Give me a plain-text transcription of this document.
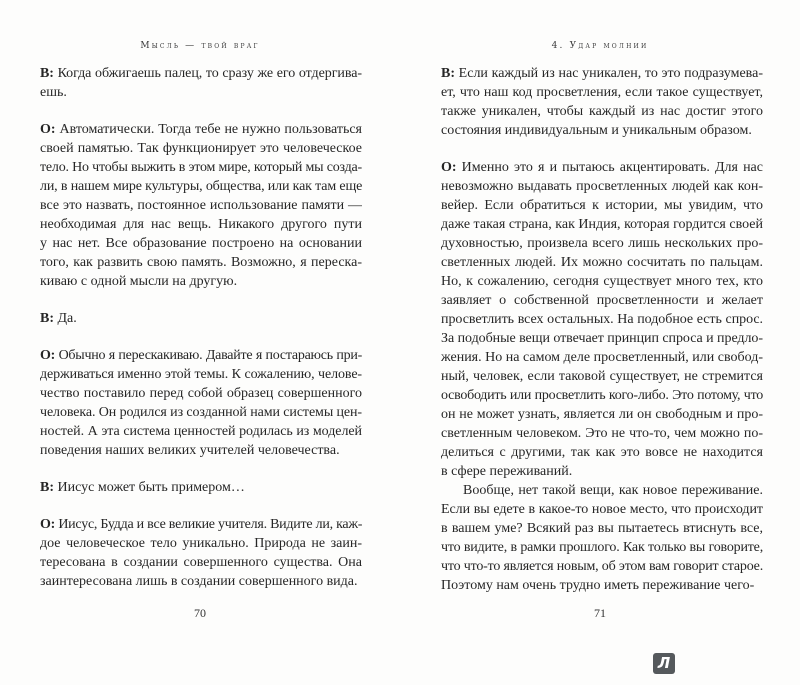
Мысль — твой враг

В: Когда обжигаешь палец, то сразу же его отдергива-
ешь.

О: Автоматически. Тогда тебе не нужно пользоваться
своей памятью. Так функционирует это человеческое
тело. Но чтобы выжить в этом мире, который мы созда-
ли, в нашем мире культуры, общества, или как там еще
все это назвать, постоянное использование памяти —
необходимая для нас вещь. Никакого другого пути
у нас нет. Все образование построено на основании
того, как развить свою память. Возможно, я переска-
киваю с одной мысли на другую.

В: Да.

О: Обычно я перескакиваю. Давайте я постараюсь при-
держиваться именно этой темы. К сожалению, челове-
чество поставило перед собой образец совершенного
человека. Он родился из созданной нами системы цен-
ностей. А эта система ценностей родилась из моделей
поведения наших великих учителей человечества.

В: Иисус может быть примером…

О: Иисус, Будда и все великие учителя. Видите ли, каж-
дое человеческое тело уникально. Природа не заин-
тересована в создании совершенного существа. Она
заинтересована лишь в создании совершенного вида.

70
4. Удар молнии

В: Если каждый из нас уникален, то это подразумева-
ет, что наш код просветления, если такое существует,
также уникален, чтобы каждый из нас достиг этого
состояния индивидуальным и уникальным образом.

О: Именно это я и пытаюсь акцентировать. Для нас
невозможно выдавать просветленных людей как кон-
вейер. Если обратиться к истории, мы увидим, что
даже такая страна, как Индия, которая гордится своей
духовностью, произвела всего лишь нескольких про-
светленных людей. Их можно сосчитать по пальцам.
Но, к сожалению, сегодня существует много тех, кто
заявляет о собственной просветленности и желает
просветлить всех остальных. На подобное есть спрос.
За подобные вещи отвечает принцип спроса и предло-
жения. Но на самом деле просветленный, или свобод-
ный, человек, если таковой существует, не стремится
освободить или просветлить кого-либо. Это потому, что
он не может узнать, является ли он свободным и про-
светленным человеком. Это не что-то, чем можно по-
делиться с другими, так как это вовсе не находится
в сфере переживаний.

Вообще, нет такой вещи, как новое переживание.
Если вы едете в какое-то новое место, что происходит
в вашем уме? Всякий раз вы пытаетесь втиснуть все,
что видите, в рамки прошлого. Как только вы говорите,
что что-то является новым, об этом вам говорит старое.
Поэтому нам очень трудно иметь переживание чего-

71
Л
